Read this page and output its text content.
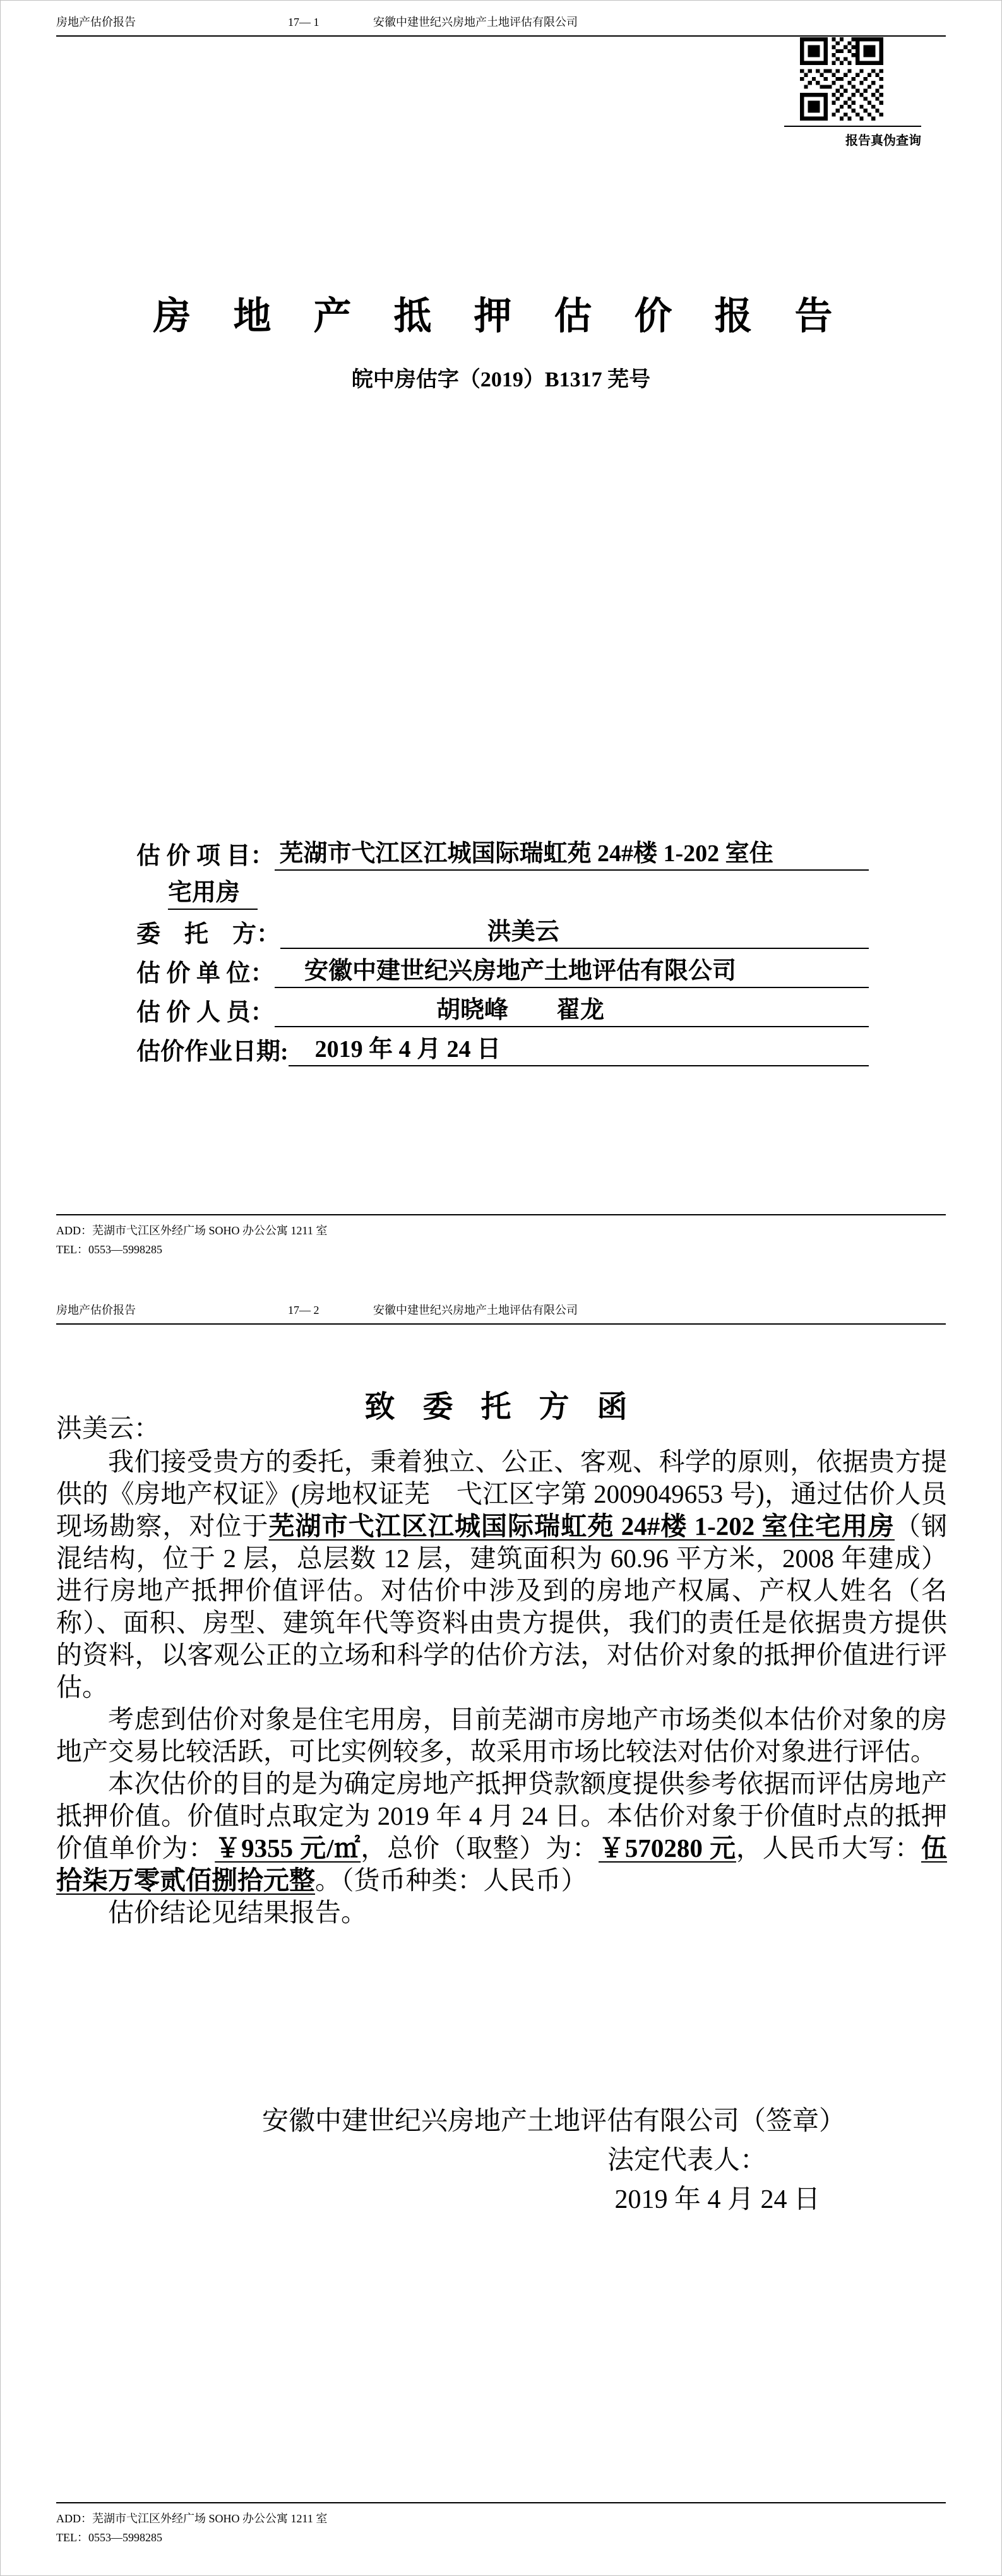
房地产估价报告	17— 1	安徽中建世纪兴房地产土地评估有限公司
报告真伪查询
房 地 产 抵 押 估 价 报 告
皖中房估字（2019）B1317 芜号
估 价 项 目： 芜湖市弋江区江城国际瑞虹苑 24#楼 1-202 室住
宅用房
委　托　方：	洪美云
估 价 单 位：	安徽中建世纪兴房地产土地评估有限公司
估 价 人 员：	胡晓峰　　翟龙
估价作业日期:	2019 年 4 月 24 日
ADD：芜湖市弋江区外经广场 SOHO 办公公寓 1211 室
TEL：0553—5998285
房地产估价报告	17— 2	安徽中建世纪兴房地产土地评估有限公司
致 委 托 方 函

洪美云：

我们接受贵方的委托，秉着独立、公正、客观、科学的原则，依据贵方提供的《房地产权证》(房地权证芜　弋江区字第 2009049653 号)，通过估价人员现场勘察，对位于芜湖市弋江区江城国际瑞虹苑 24#楼 1-202 室住宅用房（钢混结构，位于 2 层，总层数 12 层，建筑面积为 60.96 平方米，2008 年建成）进行房地产抵押价值评估。对估价中涉及到的房地产权属、产权人姓名（名称）、面积、房型、建筑年代等资料由贵方提供，我们的责任是依据贵方提供的资料，以客观公正的立场和科学的估价方法，对估价对象的抵押价值进行评估。

考虑到估价对象是住宅用房，目前芜湖市房地产市场类似本估价对象的房地产交易比较活跃，可比实例较多，故采用市场比较法对估价对象进行评估。

本次估价的目的是为确定房地产抵押贷款额度提供参考依据而评估房地产抵押价值。价值时点取定为 2019 年 4 月 24 日。本估价对象于价值时点的抵押价值单价为：￥9355 元/㎡，总价（取整）为：￥570280 元，人民币大写：伍拾柒万零贰佰捌拾元整。（货币种类：人民币）

估价结论见结果报告。

安徽中建世纪兴房地产土地评估有限公司（签章）
法定代表人：
2019 年 4 月 24 日
ADD：芜湖市弋江区外经广场 SOHO 办公公寓 1211 室
TEL：0553—5998285
